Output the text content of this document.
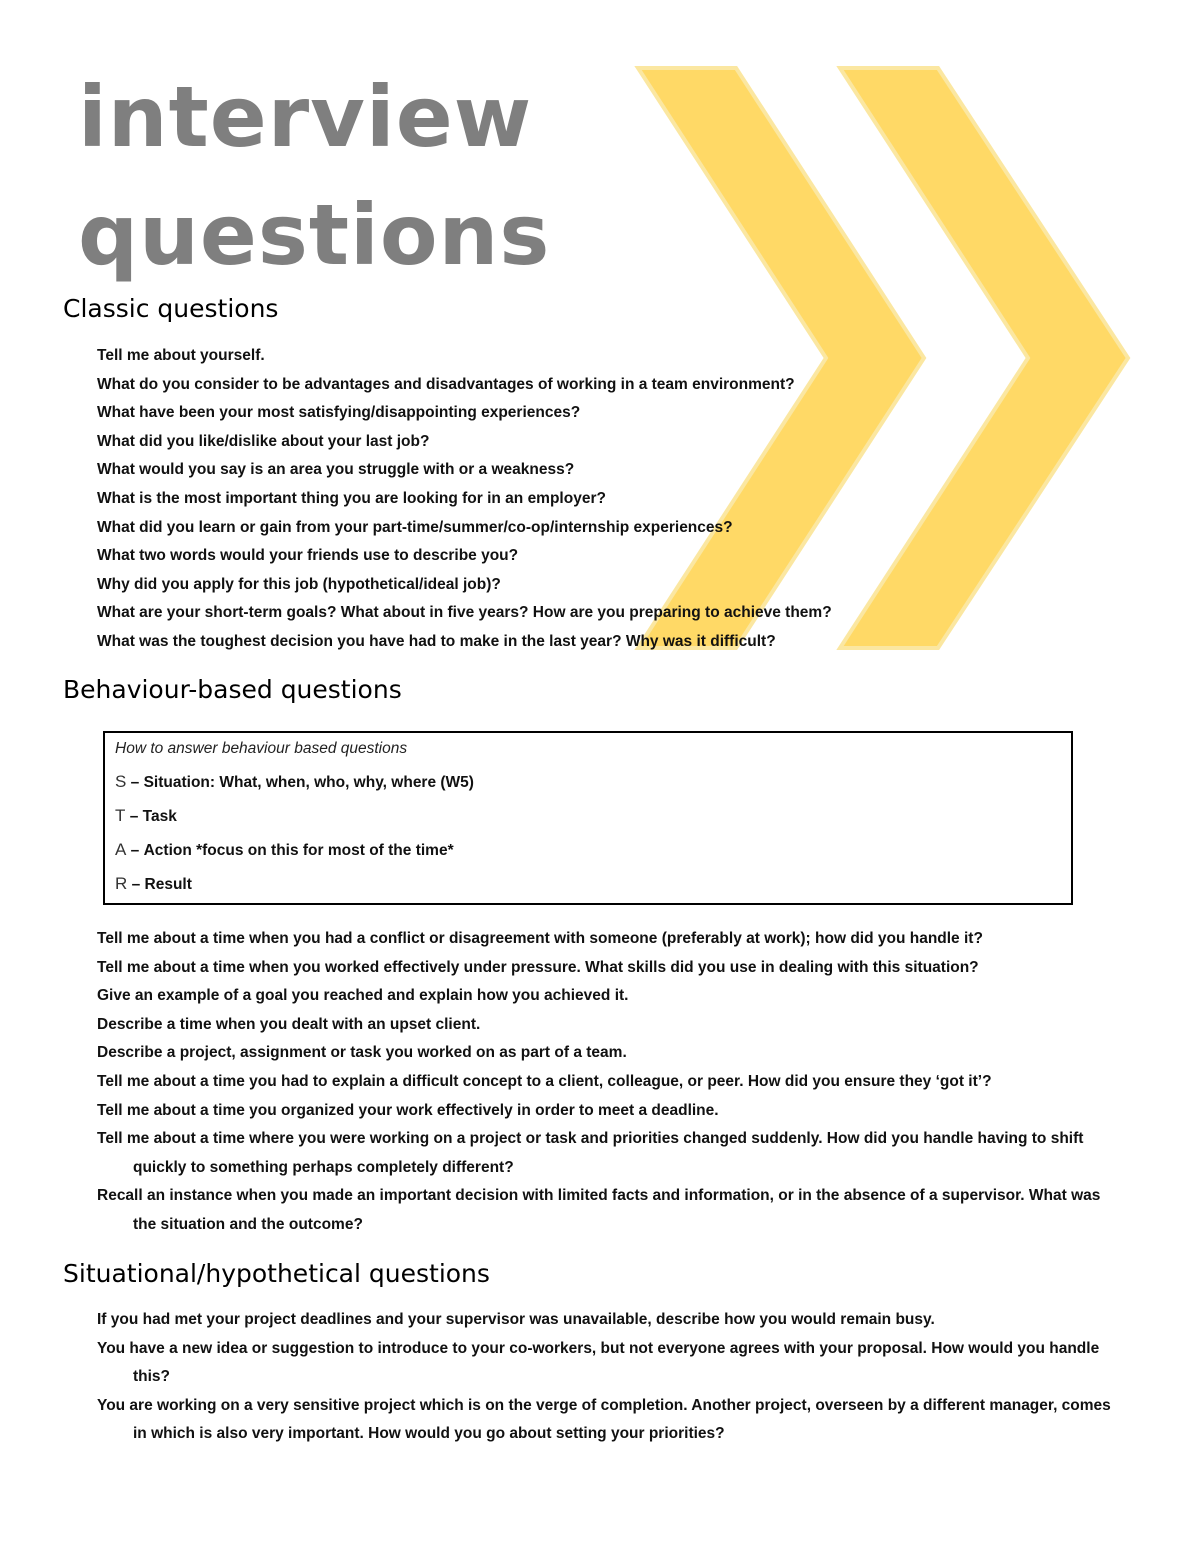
interview
questions
Classic questions
Tell me about yourself.
What do you consider to be advantages and disadvantages of working in a team environment?
What have been your most satisfying/disappointing experiences?
What did you like/dislike about your last job?
What would you say is an area you struggle with or a weakness?
What is the most important thing you are looking for in an employer?
What did you learn or gain from your part-time/summer/co-op/internship experiences?
What two words would your friends use to describe you?
Why did you apply for this job (hypothetical/ideal job)?
What are your short-term goals? What about in five years? How are you preparing to achieve them?
What was the toughest decision you have had to make in the last year? Why was it difficult?
Behaviour-based questions

How to answer behaviour based questions

S – Situation: What, when, who, why, where (W5)

T – Task

A – Action *focus on this for most of the time*

R – Result

Tell me about a time when you had a conflict or disagreement with someone (preferably at work); how did you handle it?
Tell me about a time when you worked effectively under pressure. What skills did you use in dealing with this situation?
Give an example of a goal you reached and explain how you achieved it.
Describe a time when you dealt with an upset client.
Describe a project, assignment or task you worked on as part of a team.
Tell me about a time you had to explain a difficult concept to a client, colleague, or peer. How did you ensure they ‘got it’?
Tell me about a time you organized your work effectively in order to meet a deadline.
Tell me about a time where you were working on a project or task and priorities changed suddenly. How did you handle having to shift quickly to something perhaps completely different?
Recall an instance when you made an important decision with limited facts and information, or in the absence of a supervisor. What was the situation and the outcome?
Situational/hypothetical questions
If you had met your project deadlines and your supervisor was unavailable, describe how you would remain busy.
You have a new idea or suggestion to introduce to your co-workers, but not everyone agrees with your proposal. How would you handle this?
You are working on a very sensitive project which is on the verge of completion. Another project, overseen by a different manager, comes in which is also very important. How would you go about setting your priorities?
